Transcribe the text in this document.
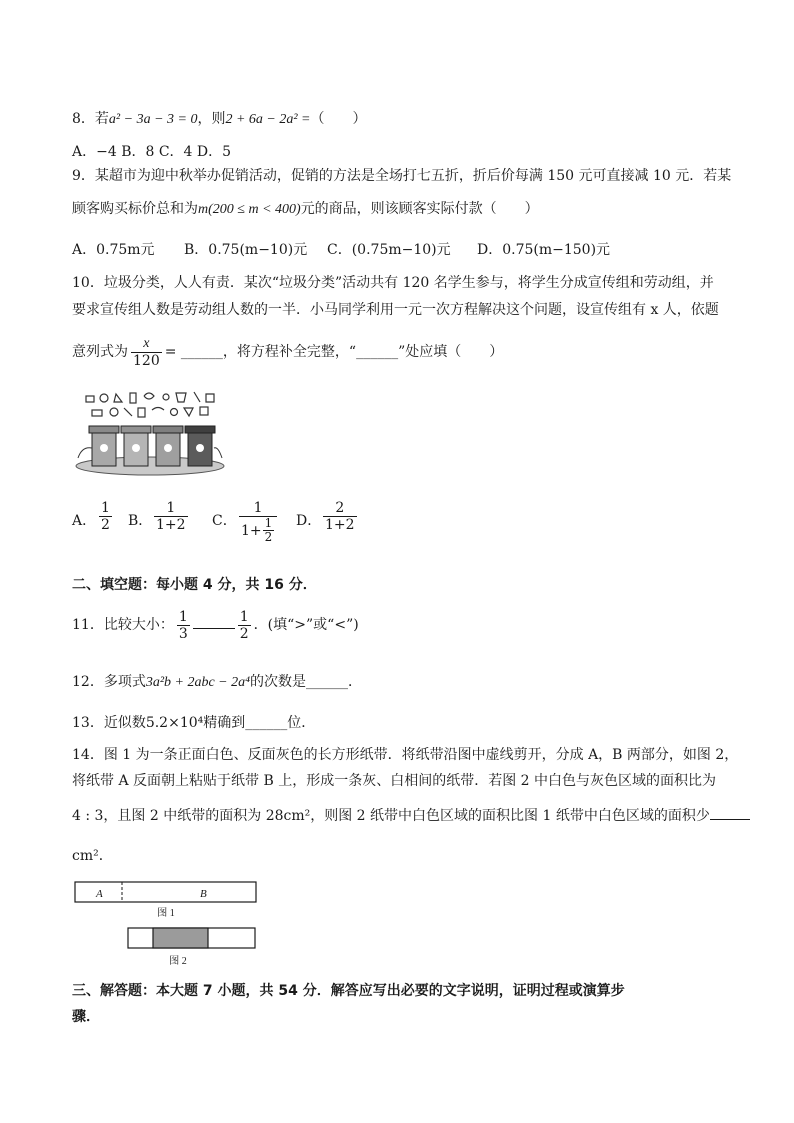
8．若a² − 3a − 3 = 0，则2 + 6a − 2a² =（　　）
A．−4 B．8 C．4 D．5
9．某超市为迎中秋举办促销活动，促销的方法是全场打七五折，折后价每满 150 元可直接减 10 元．若某
顾客购买标价总和为m(200 ≤ m < 400)元的商品，则该顾客实际付款（　　）
A．0.75m元 B．0.75(m−10)元 C．(0.75m−10)元 D．0.75(m−150)元
10．垃圾分类，人人有责．某次“垃圾分类”活动共有 120 名学生参与，将学生分成宣传组和劳动组，并
要求宣传组人数是劳动组人数的一半．小马同学利用一元一次方程解决这个问题，设宣传组有 x 人，依题
意列式为 $\frac{x}{120}$ = ______，将方程补全完整，“______”处应填（　　）
A．
1
2 B．
1
1+2 C．
1
$1+ \frac{1}{2}$ D．
2
1+2
二、填空题：每小题 4 分，共 16 分．
11．比较大小： $\frac{1}{3}$	$\frac{1}{2}$ ．(填“>”或“<”)
12．多项式3a²b + 2abc − 2a⁴的次数是______．
13．近似数5.2×10⁴精确到______位．
14．图 1 为一条正面白色、反面灰色的长方形纸带．将纸带沿图中虚线剪开，分成 A，B 两部分，如图 2，
将纸带 A 反面朝上粘贴于纸带 B 上，形成一条灰、白相间的纸带．若图 2 中白色与灰色区域的面积比为
4 : 3，且图 2 中纸带的面积为 28cm²，则图 2 纸带中白色区域的面积比图 1 纸带中白色区域的面积少
cm²．
A	B
图 1
图 2
三、解答题：本大题 7 小题，共 54 分．解答应写出必要的文字说明，证明过程或演算步
骤．
